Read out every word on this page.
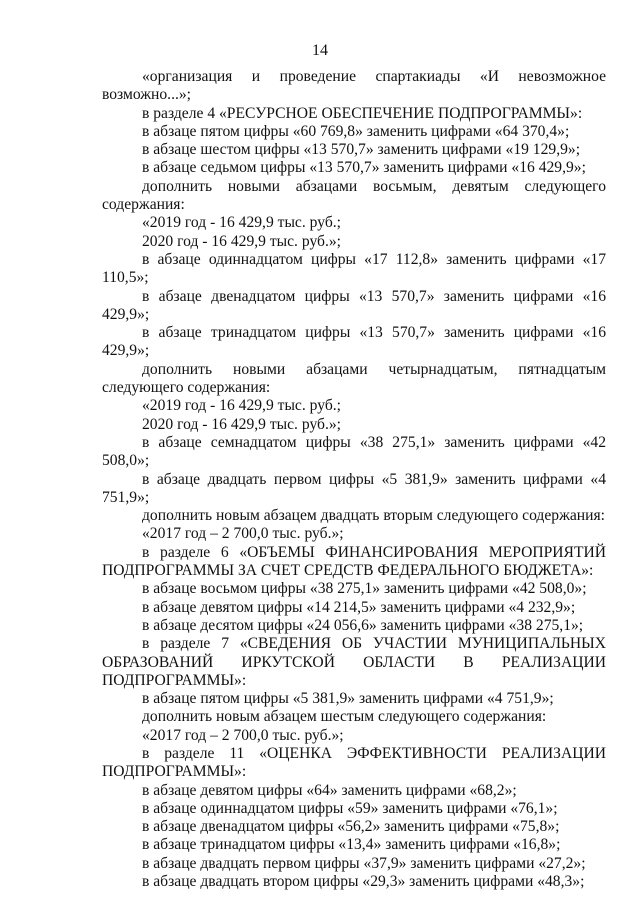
14

«организация и проведение спартакиады «И невозможное возможно...»;

в разделе 4 «РЕСУРСНОЕ ОБЕСПЕЧЕНИЕ ПОДПРОГРАММЫ»:

в абзаце пятом цифры «60 769,8» заменить цифрами «64 370,4»;

в абзаце шестом цифры «13 570,7» заменить цифрами «19 129,9»;

в абзаце седьмом цифры «13 570,7» заменить цифрами «16 429,9»;

дополнить новыми абзацами восьмым, девятым следующего содержания:

«2019 год - 16 429,9 тыс. руб.;

2020 год - 16 429,9 тыс. руб.»;

в абзаце одиннадцатом цифры «17 112,8» заменить цифрами «17 110,5»;

в абзаце двенадцатом цифры «13 570,7» заменить цифрами «16 429,9»;

в абзаце тринадцатом цифры «13 570,7» заменить цифрами «16 429,9»;

дополнить новыми абзацами четырнадцатым, пятнадцатым следующего содержания:

«2019 год - 16 429,9 тыс. руб.;

2020 год - 16 429,9 тыс. руб.»;

в абзаце семнадцатом цифры «38 275,1» заменить цифрами «42 508,0»;

в абзаце двадцать первом цифры «5 381,9» заменить цифрами «4 751,9»;

дополнить новым абзацем двадцать вторым следующего содержания:

«2017 год – 2 700,0 тыс. руб.»;

в разделе 6 «ОБЪЕМЫ ФИНАНСИРОВАНИЯ МЕРОПРИЯТИЙ ПОДПРОГРАММЫ ЗА СЧЕТ СРЕДСТВ ФЕДЕРАЛЬНОГО БЮДЖЕТА»:

в абзаце восьмом цифры «38 275,1» заменить цифрами «42 508,0»;

в абзаце девятом цифры «14 214,5» заменить цифрами «4 232,9»;

в абзаце десятом цифры «24 056,6» заменить цифрами «38 275,1»;

в разделе 7 «СВЕДЕНИЯ ОБ УЧАСТИИ МУНИЦИПАЛЬНЫХ ОБРАЗОВАНИЙ ИРКУТСКОЙ ОБЛАСТИ В РЕАЛИЗАЦИИ ПОДПРОГРАММЫ»:

в абзаце пятом цифры «5 381,9» заменить цифрами «4 751,9»;

дополнить новым абзацем шестым следующего содержания:

«2017 год – 2 700,0 тыс. руб.»;

в разделе 11 «ОЦЕНКА ЭФФЕКТИВНОСТИ РЕАЛИЗАЦИИ ПОДПРОГРАММЫ»:

в абзаце девятом цифры «64» заменить цифрами «68,2»;

в абзаце одиннадцатом цифры «59» заменить цифрами «76,1»;

в абзаце двенадцатом цифры «56,2» заменить цифрами «75,8»;

в абзаце тринадцатом цифры «13,4» заменить цифрами «16,8»;

в абзаце двадцать первом цифры «37,9» заменить цифрами «27,2»;

в абзаце двадцать втором цифры «29,3» заменить цифрами «48,3»;
